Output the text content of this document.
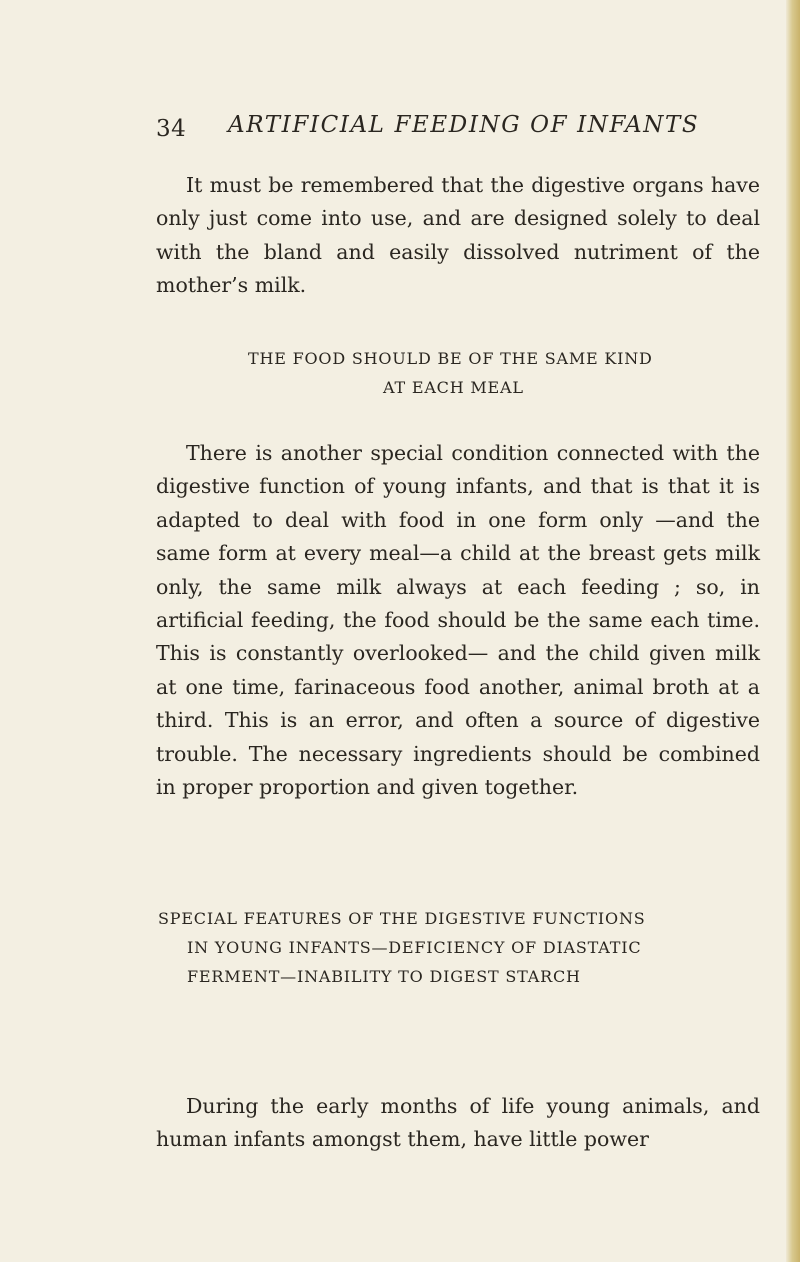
34 ARTIFICIAL FEEDING OF INFANTS
It must be remembered that the digestive organs have only just come into use, and are designed solely to deal with the bland and easily dissolved nutriment of the mother’s milk.
THE FOOD SHOULD BE OF THE SAME KIND
AT EACH MEAL
There is another special condition connected with the digestive function of young infants, and that is that it is adapted to deal with food in one form only —and the same form at every meal—a child at the breast gets milk only, the same milk always at each feeding ; so, in artificial feeding, the food should be the same each time. This is constantly overlooked— and the child given milk at one time, farinaceous food another, animal broth at a third. This is an error, and often a source of digestive trouble. The necessary ingredients should be combined in proper proportion and given together.
SPECIAL FEATURES OF THE DIGESTIVE FUNCTIONS
IN YOUNG INFANTS—DEFICIENCY OF DIASTATIC
FERMENT—INABILITY TO DIGEST STARCH
During the early months of life young animals, and human infants amongst them, have little power
